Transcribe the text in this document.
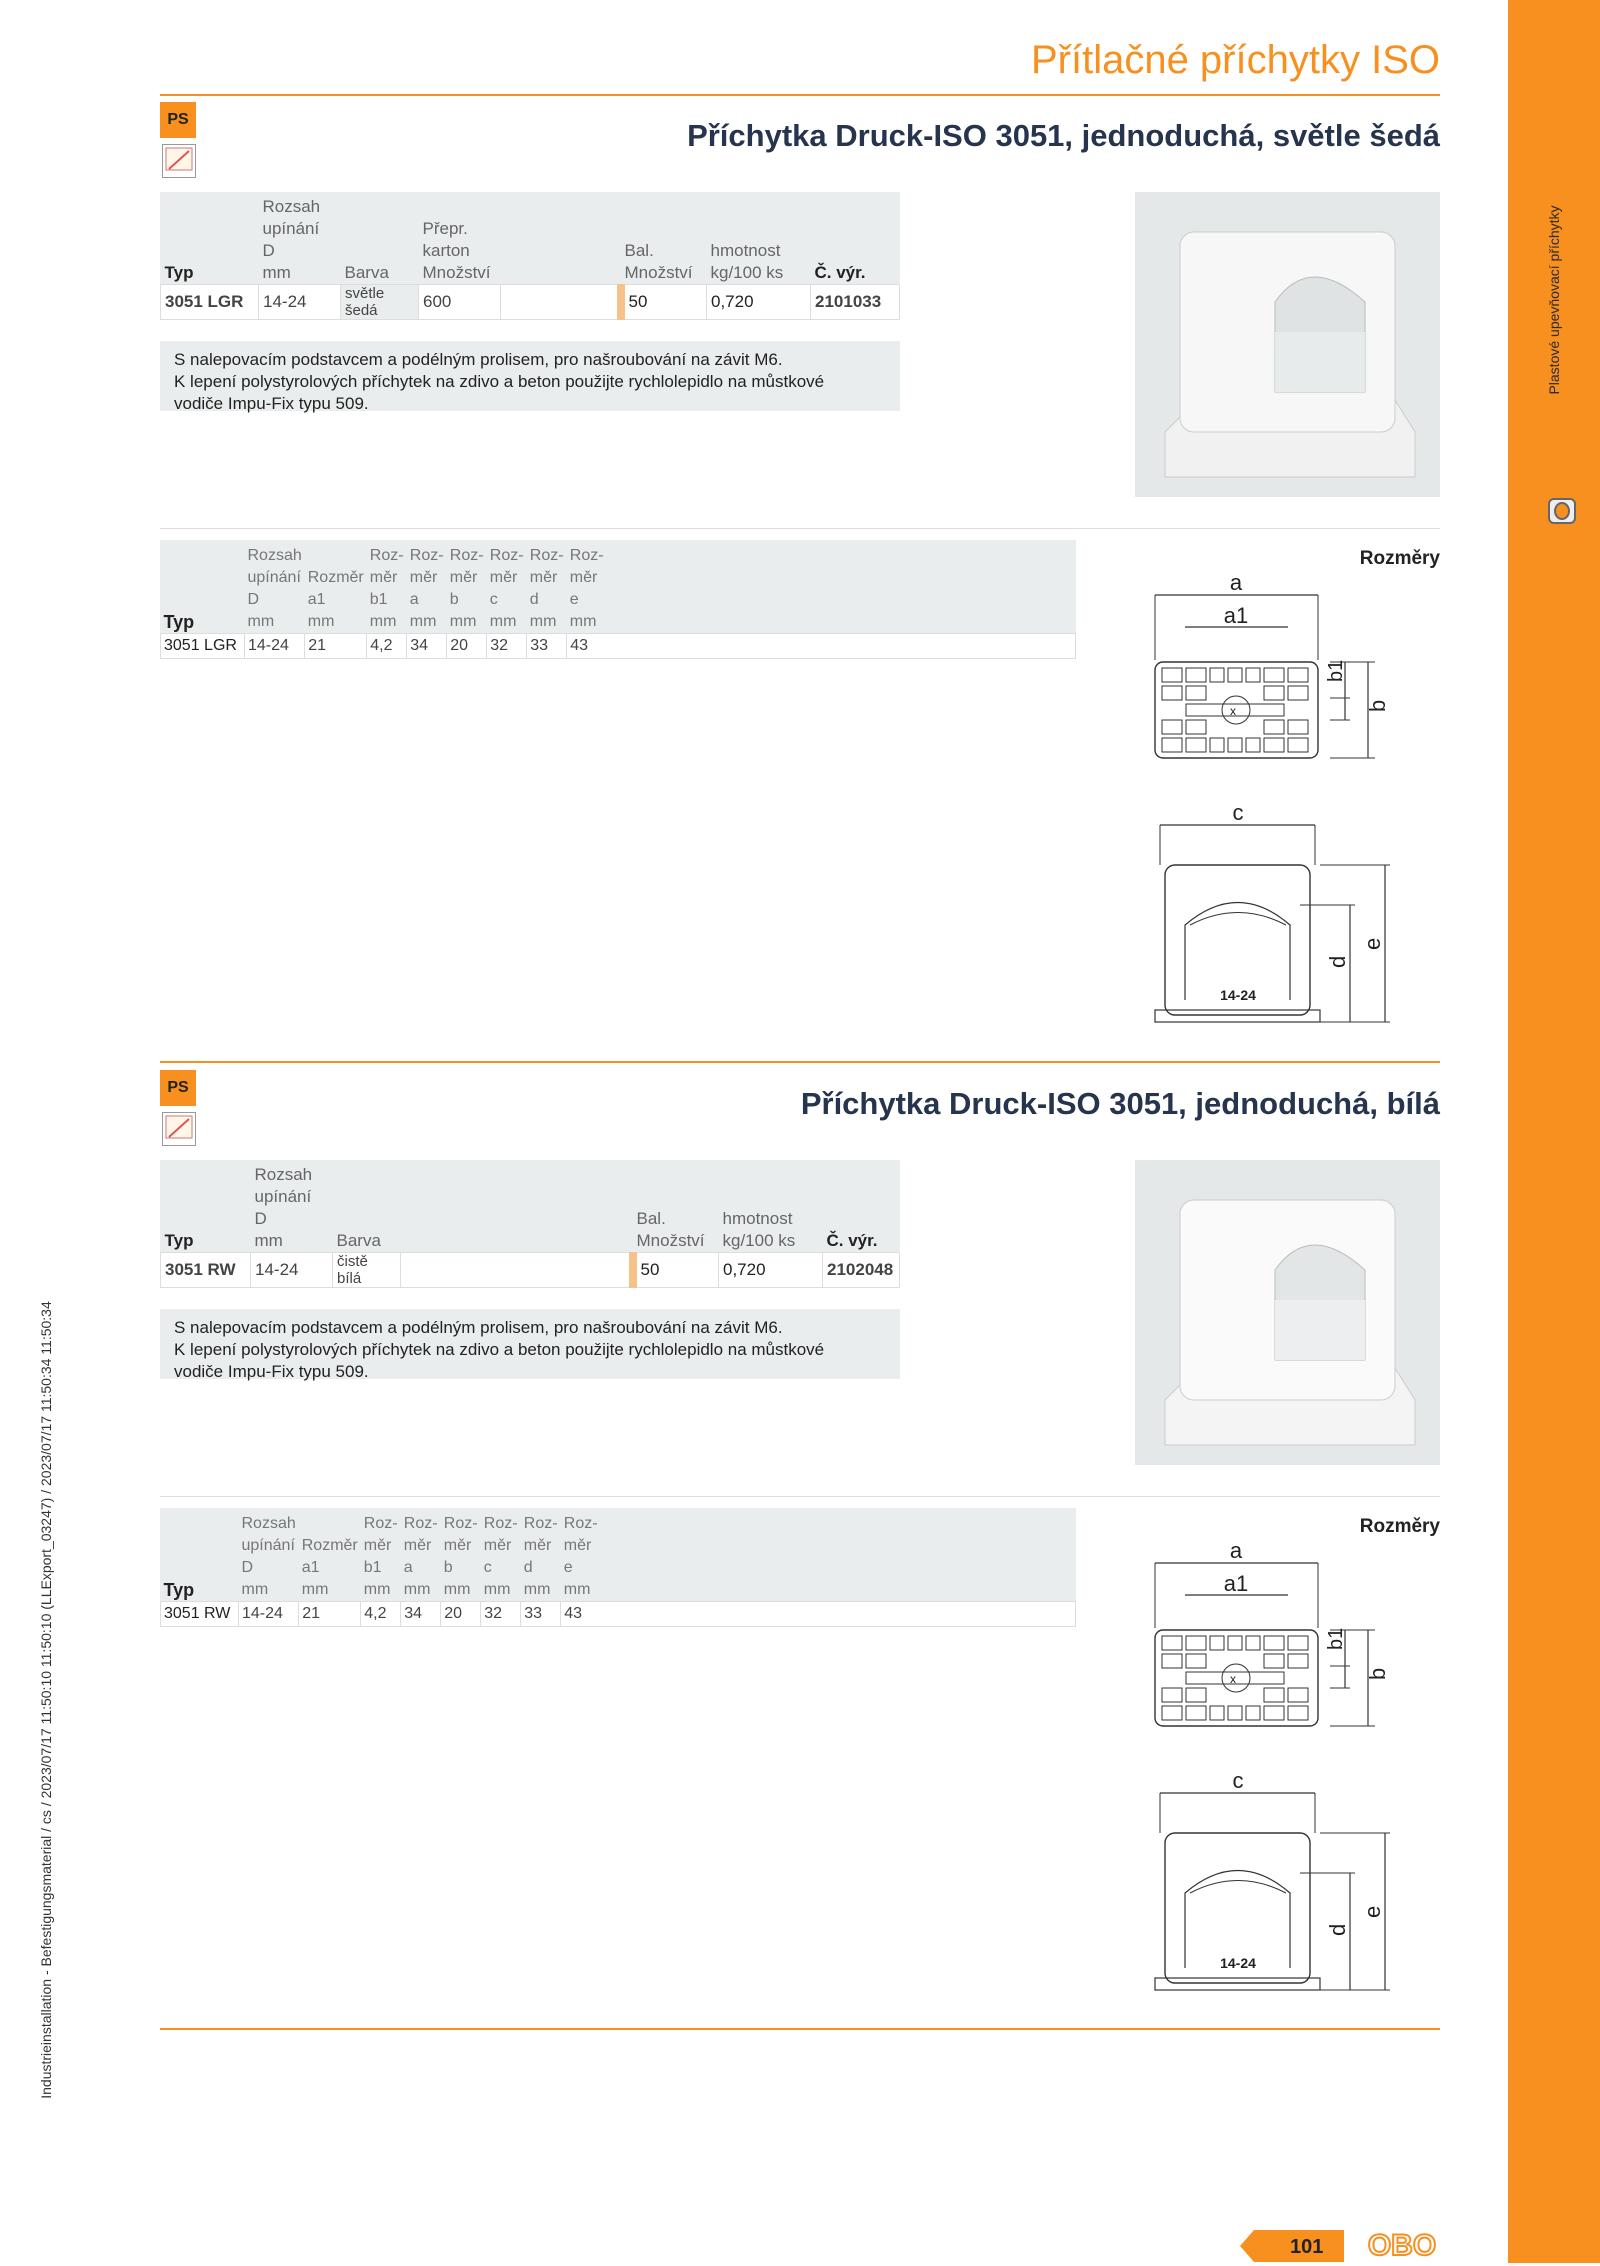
Plastové upevňovací příchytky
Přítlačné příchytky ISO
Industrieinstallation - Befestigungsmaterial / cs / 2023/07/17 11:50:10 11:50:10 (LLExport_03247) / 2023/07/17 11:50:34 11:50:34
PS	Příchytka Druck-ISO 3051, jednoduchá, světle šedá
	Rozsah						
	upínání		Přepr.				
	D		karton		Bal.	hmotnost	
Typ	mm	Barva	Množství		Množství	kg/100 ks	Č. výr.
3051 LGR	14-24	světle šedá	600		50	0,720	2101033
S nalepovacím podstavcem a podélným prolisem, pro našroubování na závit M6.
K lepení polystyrolových příchytek na zdivo a beton použijte rychlolepidlo na můstkové
vodiče Impu-Fix typu 509.
	Rozsah		Roz-	Roz-	Roz-	Roz-	Roz-	Roz-
	upínání	Rozměr	měr	měr	měr	měr	měr	měr
	D	a1	b1	a	b	c	d	e
Typ	mm	mm	mm	mm	mm	mm	mm	mm
3051 LGR	14-24	21	4,2	34	20	32	33	43
Rozměry
a
a1
x	b
b1
c
14-24
d
e
PS	Příchytka Druck-ISO 3051, jednoduchá, bílá
	Rozsah					
	upínání					
	D			Bal.	hmotnost	
Typ	mm	Barva		Množství	kg/100 ks	Č. výr.
3051 RW	14-24	čistě bílá		50	0,720	2102048
S nalepovacím podstavcem a podélným prolisem, pro našroubování na závit M6.
K lepení polystyrolových příchytek na zdivo a beton použijte rychlolepidlo na můstkové
vodiče Impu-Fix typu 509.
	Rozsah		Roz-	Roz-	Roz-	Roz-	Roz-	Roz-
	upínání	Rozměr	měr	měr	měr	měr	měr	měr
	D	a1	b1	a	b	c	d	e
Typ	mm	mm	mm	mm	mm	mm	mm	mm
3051 RW	14-24	21	4,2	34	20	32	33	43
Rozměry
a
a1
x	b
b1
c
14-24
d
e
101 OBO
